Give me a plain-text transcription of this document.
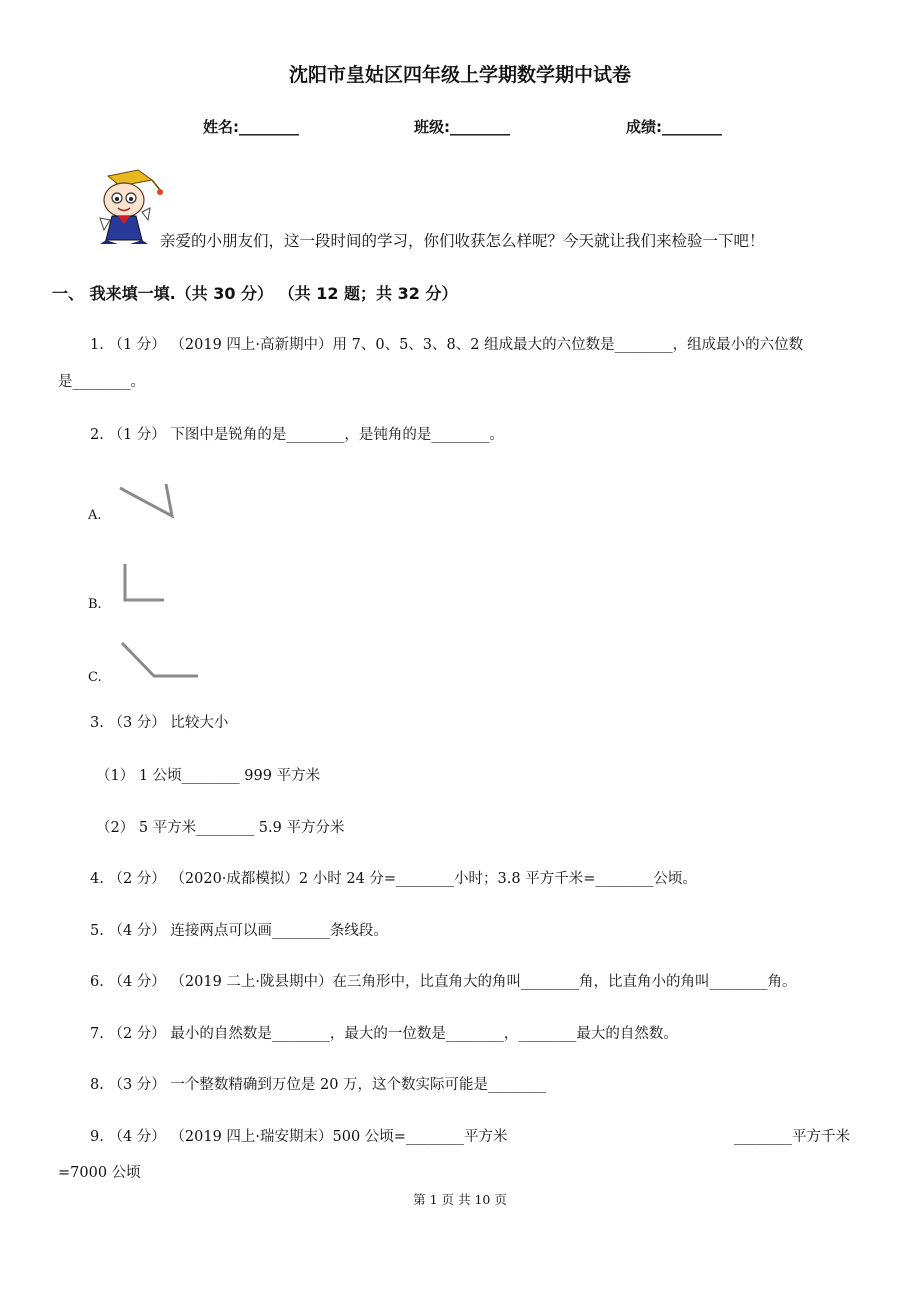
沈阳市皇姑区四年级上学期数学期中试卷
姓名:________	班级:________	成绩:________
亲爱的小朋友们，这一段时间的学习，你们收获怎么样呢？今天就让我们来检验一下吧！
一、 我来填一填.（共 30 分） （共 12 题；共 32 分）
1. （1 分） （2019 四上·高新期中）用 7、0、5、3、8、2 组成最大的六位数是________，组成最小的六位数
是________。
2. （1 分） 下图中是锐角的是________，是钝角的是________。
A.
B.
C.
3. （3 分） 比较大小
（1） 1 公顷________ 999 平方米
（2） 5 平方米________ 5.9 平方分米
4. （2 分） （2020·成都模拟）2 小时 24 分=________小时；3.8 平方千米=________公顷。
5. （4 分） 连接两点可以画________条线段。
6. （4 分） （2019 二上·陇县期中）在三角形中，比直角大的角叫________角，比直角小的角叫________角。
7. （2 分） 最小的自然数是________，最大的一位数是________，________最大的自然数。
8. （3 分） 一个整数精确到万位是 20 万，这个数实际可能是________
9. （4 分） （2019 四上·瑞安期末）500 公顷=________平方米	________平方千米
=7000 公顷
第 1 页 共 10 页
